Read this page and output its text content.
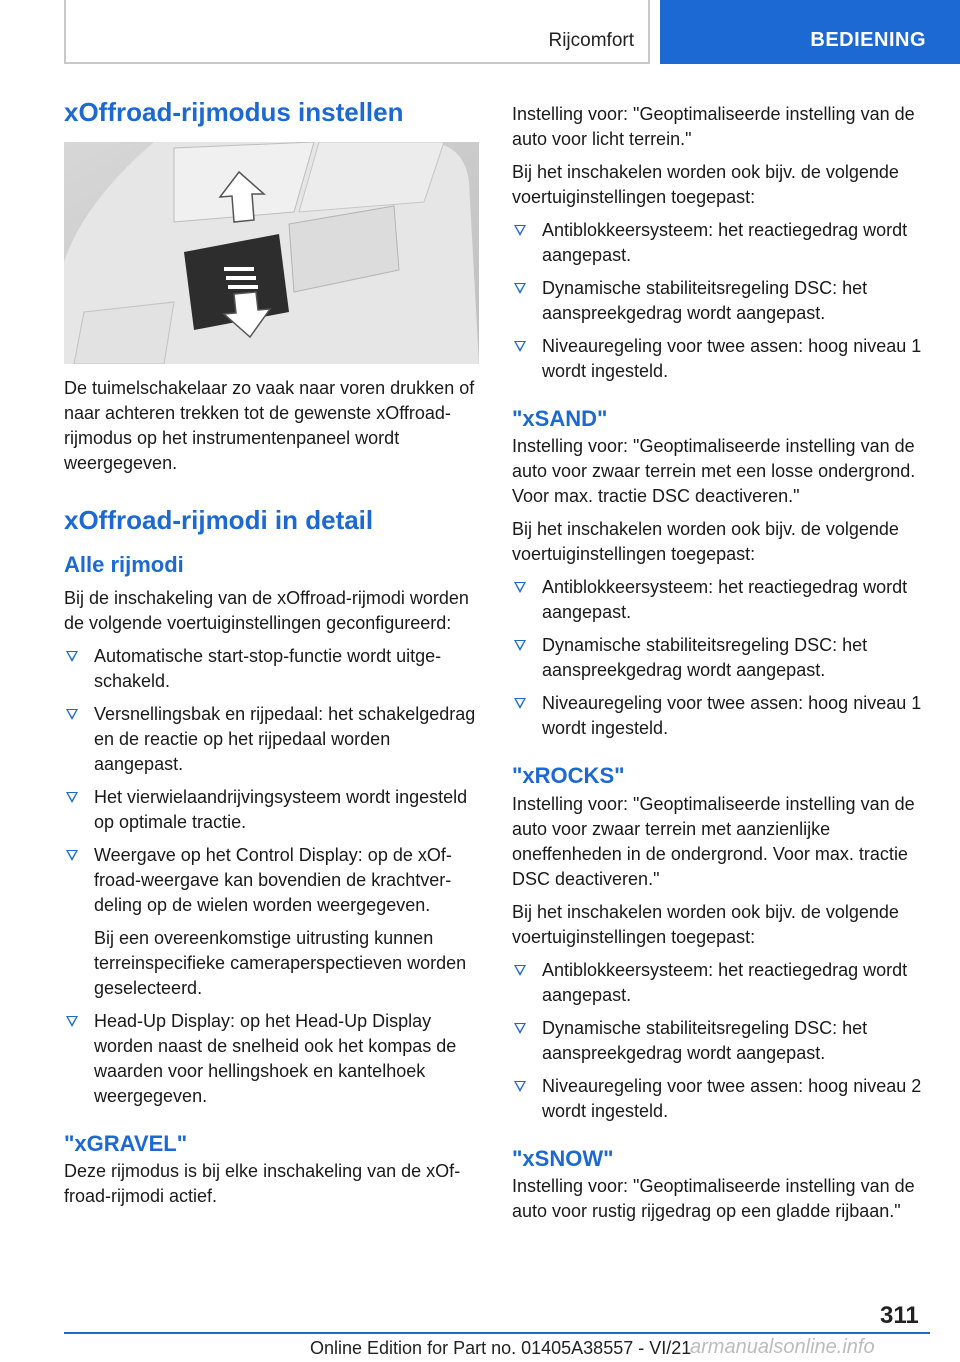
Rijcomfort	BEDIENING
xOffroad-rijmodus instellen

De tuimelschakelaar zo vaak naar voren drukken of naar achteren trekken tot de gewenste xOffroad-rijmodus op het instrumentenpaneel wordt weergegeven.

xOffroad-rijmodi in detail
Alle rijmodi

Bij de inschakeling van de xOffroad-rijmodi worden de volgende voertuiginstellingen geconfigureerd:

Automatische start-stop-functie wordt uitgeschakeld.
Versnellingsbak en rijpedaal: het schakelgedrag en de reactie op het rijpedaal worden aangepast.
Het vierwielaandrijvingsysteem wordt ingesteld op optimale tractie.
Weergave op het Control Display: op de xOffroad-weergave kan bovendien de krachtverdeling op de wielen worden weergegeven.
Bij een overeenkomstige uitrusting kunnen terreinspecifieke cameraperspectieven worden geselecteerd.
Head-Up Display: op het Head-Up Display worden naast de snelheid ook het kompas de waarden voor hellingshoek en kantelhoek weergegeven.
"xGRAVEL"

Deze rijmodus is bij elke inschakeling van de xOffroad-rijmodi actief.

Instelling voor: "Geoptimaliseerde instelling van de auto voor licht terrein."

Bij het inschakelen worden ook bijv. de volgende voertuiginstellingen toegepast:

Antiblokkeersysteem: het reactiegedrag wordt aangepast.
Dynamische stabiliteitsregeling DSC: het aanspreekgedrag wordt aangepast.
Niveauregeling voor twee assen: hoog niveau 1 wordt ingesteld.
"xSAND"

Instelling voor: "Geoptimaliseerde instelling van de auto voor zwaar terrein met een losse ondergrond. Voor max. tractie DSC deactiveren."

Bij het inschakelen worden ook bijv. de volgende voertuiginstellingen toegepast:

Antiblokkeersysteem: het reactiegedrag wordt aangepast.
Dynamische stabiliteitsregeling DSC: het aanspreekgedrag wordt aangepast.
Niveauregeling voor twee assen: hoog niveau 1 wordt ingesteld.
"xROCKS"

Instelling voor: "Geoptimaliseerde instelling van de auto voor zwaar terrein met aanzienlijke oneffenheden in de ondergrond. Voor max. tractie DSC deactiveren."

Bij het inschakelen worden ook bijv. de volgende voertuiginstellingen toegepast:

Antiblokkeersysteem: het reactiegedrag wordt aangepast.
Dynamische stabiliteitsregeling DSC: het aanspreekgedrag wordt aangepast.
Niveauregeling voor twee assen: hoog niveau 2 wordt ingesteld.
"xSNOW"

Instelling voor: "Geoptimaliseerde instelling van de auto voor rustig rijgedrag op een gladde rijbaan."

311
Online Edition for Part no. 01405A38557 - VI/21
armanualsonline.info
